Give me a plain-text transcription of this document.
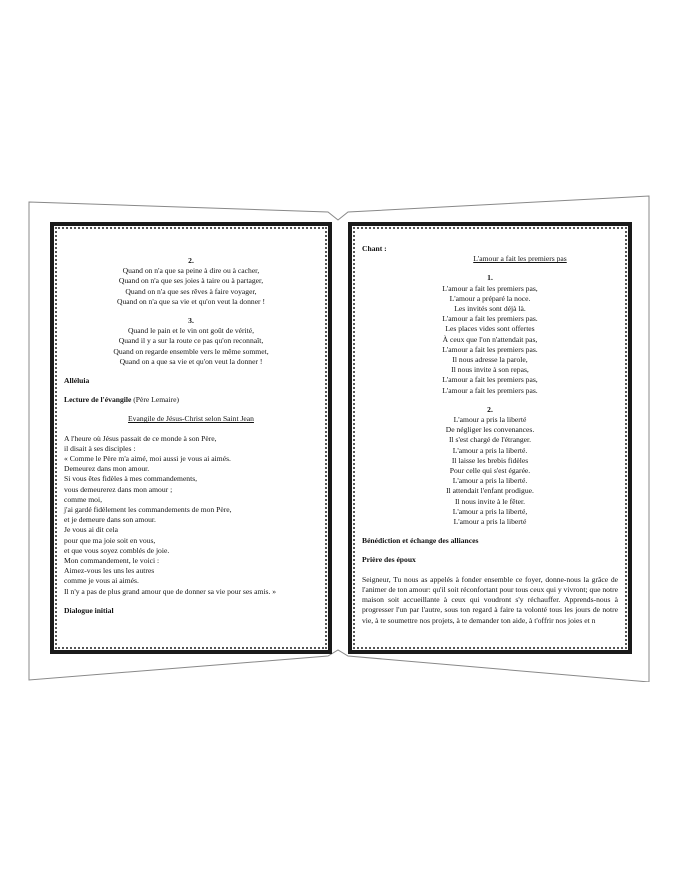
2.

Quand on n'a que sa peine à dire ou à cacher,

Quand on n'a que ses joies à taire ou à partager,

Quand on n'a que ses rêves à faire voyager,

Quand on n'a que sa vie et qu'on veut la donner !

3.

Quand le pain et le vin ont goût de vérité,

Quand il y a sur la route ce pas qu'on reconnaît,

Quand on regarde ensemble vers le même sommet,

Quand on a que sa vie et qu'on veut la donner !

Alléluia

Lecture de l'évangile (Père Lemaire)

Evangile de Jésus-Christ selon Saint Jean

A l'heure où Jésus passait de ce monde à son Père,

il disait à ses disciples :

« Comme le Père m'a aimé, moi aussi je vous ai aimés.

Demeurez dans mon amour.

Si vous êtes fidèles à mes commandements,

vous demeurerez dans mon amour ;

comme moi,

j'ai gardé fidèlement les commandements de mon Père,

et je demeure dans son amour.

Je vous ai dit cela

pour que ma joie soit en vous,

et que vous soyez comblés de joie.

Mon commandement, le voici :

Aimez-vous les uns les autres

comme je vous ai aimés.

Il n'y a pas de plus grand amour que de donner sa vie pour ses amis. »

Dialogue initial

Chant :

L'amour a fait les premiers pas

1.

L'amour a fait les premiers pas,

L'amour a préparé la noce.

Les invités sont déjà là.

L'amour a fait les premiers pas.

Les places vides sont offertes

À ceux que l'on n'attendait pas,

L'amour a fait les premiers pas.

Il nous adresse la parole,

Il nous invite à son repas,

L'amour a fait les premiers pas,

L'amour a fait les premiers pas.

2.

L'amour a pris la liberté

De négliger les convenances.

Il s'est chargé de l'étranger.

L'amour a pris la liberté.

Il laisse les brebis fidèles

Pour celle qui s'est égarée.

L'amour a pris la liberté.

Il attendait l'enfant prodigue.

Il nous invite à le fêter.

L'amour a pris la liberté,

L'amour a pris la liberté

Bénédiction et échange des alliances

Prière des époux

Seigneur, Tu nous as appelés à fonder ensemble ce foyer, donne-nous la grâce de l'animer de ton amour: qu'il soit réconfortant pour tous ceux qui y vivront; que notre maison soit accueillante à ceux qui voudront s'y réchauffer. Apprends-nous à progresser l'un par l'autre, sous ton regard à faire ta volonté tous les jours de notre vie, à te soumettre nos projets, à te demander ton aide, à t'offrir nos joies et n
